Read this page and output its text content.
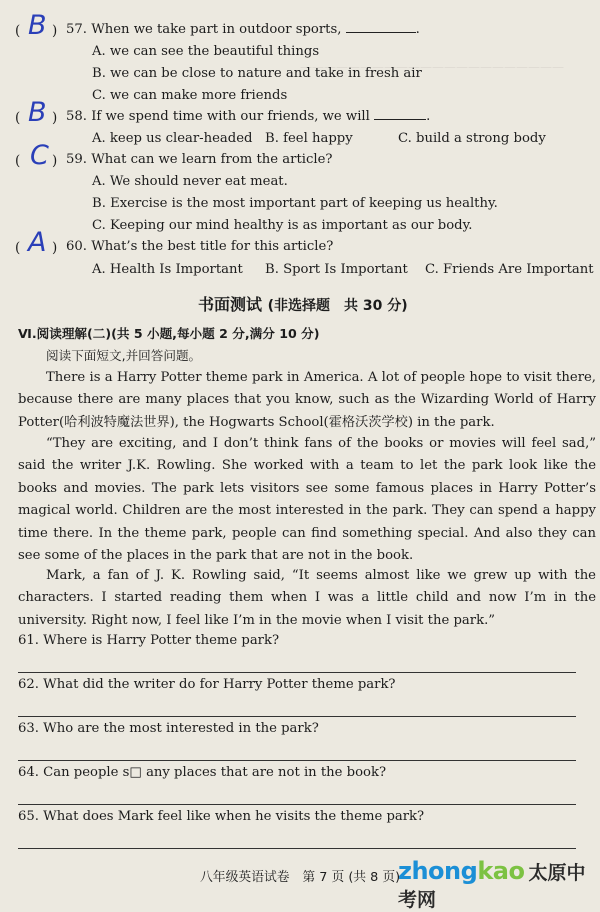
——————————————————————
( B ) 57. When we take part in outdoor sports,	.
A. we can see the beautiful things
B. we can be close to nature and take in fresh air
C. we can make more friends
( B ) 58. If we spend time with our friends, we will	.
A. keep us clear-headed B. feel happy	C. build a strong body
( C ) 59. What can we learn from the article?
A. We should never eat meat.
B. Exercise is the most important part of keeping us healthy.
C. Keeping our mind healthy is as important as our body.
( A ) 60. What’s the best title for this article?
A. Health Is Important B. Sport Is Important C. Friends Are Important
书面测试 (非选择题　共 30 分)
Ⅵ.阅读理解(二)(共 5 小题,每小题 2 分,满分 10 分)
阅读下面短文,并回答问题。
There is a Harry Potter theme park in America. A lot of people hope to visit there, because there are many places that you know, such as the Wizarding World of Harry Potter(哈利波特魔法世界), the Hogwarts School(霍格沃茨学校) in the park.
“They are exciting, and I don’t think fans of the books or movies will feel sad,” said the writer J.K. Rowling. She worked with a team to let the park look like the books and movies. The park lets visitors see some famous places in Harry Potter’s magical world. Children are the most interested in the park. They can spend a happy time there. In the theme park, people can find something special. And also they can see some of the places in the park that are not in the book.
Mark, a fan of J. K. Rowling said, “It seems almost like we grew up with the characters. I started reading them when I was a little child and now I’m in the university. Right now, I feel like I’m in the movie when I visit the park.”
61. Where is Harry Potter theme park?
62. What did the writer do for Harry Potter theme park?
63. Who are the most interested in the park?
64. Can people s□ any places that are not in the book?
65. What does Mark feel like when he visits the theme park?
八年级英语试卷　第 7 页 (共 8 页)
zhongkao 太原中考网
